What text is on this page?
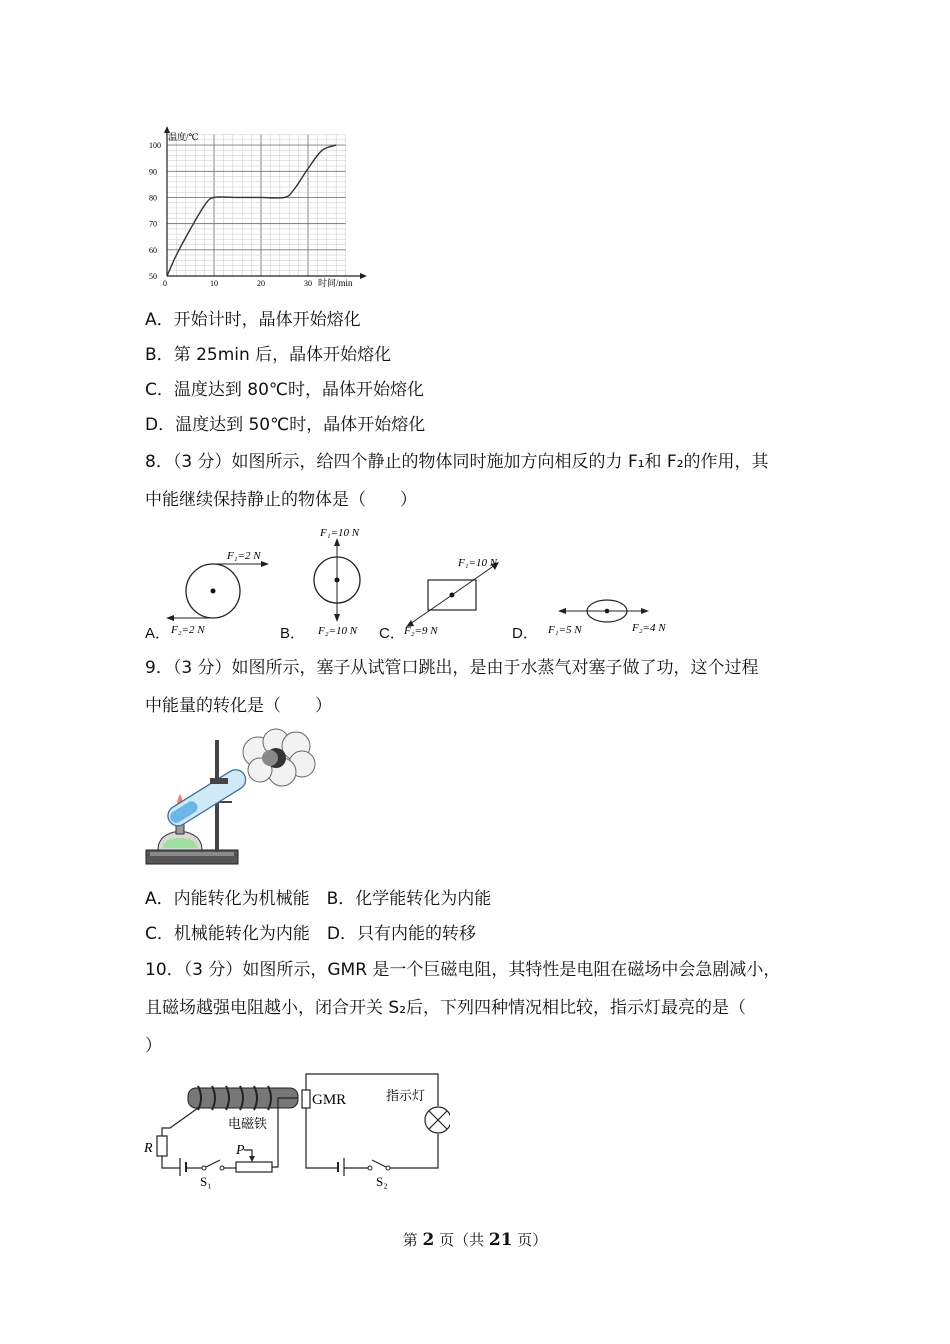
50
60
70
80
90
100
0	10	20	30
温度/℃
时间/min
A．开始计时，晶体开始熔化
B．第 25min 后，晶体开始熔化
C．温度达到 80℃时，晶体开始熔化
D．温度达到 50℃时，晶体开始熔化
8．（3 分）如图所示，给四个静止的物体同时施加方向相反的力 F₁和 F₂的作用，其
中能继续保持静止的物体是（　　）
A．	B．	C．	D．
F₁=2 N
F₂=2 N
F₁=10 N
F₂=10 N
F₁=10 N
F₂=9 N	F₁=5 N	F₂=4 N
9．（3 分）如图所示，塞子从试管口跳出，是由于水蒸气对塞子做了功，这个过程
中能量的转化是（　　）
A．内能转化为机械能　B．化学能转化为内能
C．机械能转化为内能　D．只有内能的转移
10．（3 分）如图所示，GMR 是一个巨磁电阻，其特性是电阻在磁场中会急剧减小，
且磁场越强电阻越小，闭合开关 S₂后，下列四种情况相比较，指示灯最亮的是（
）
电磁铁
GMR	指示灯
R	P
S₁	S₂
第 2 页（共 21 页）
